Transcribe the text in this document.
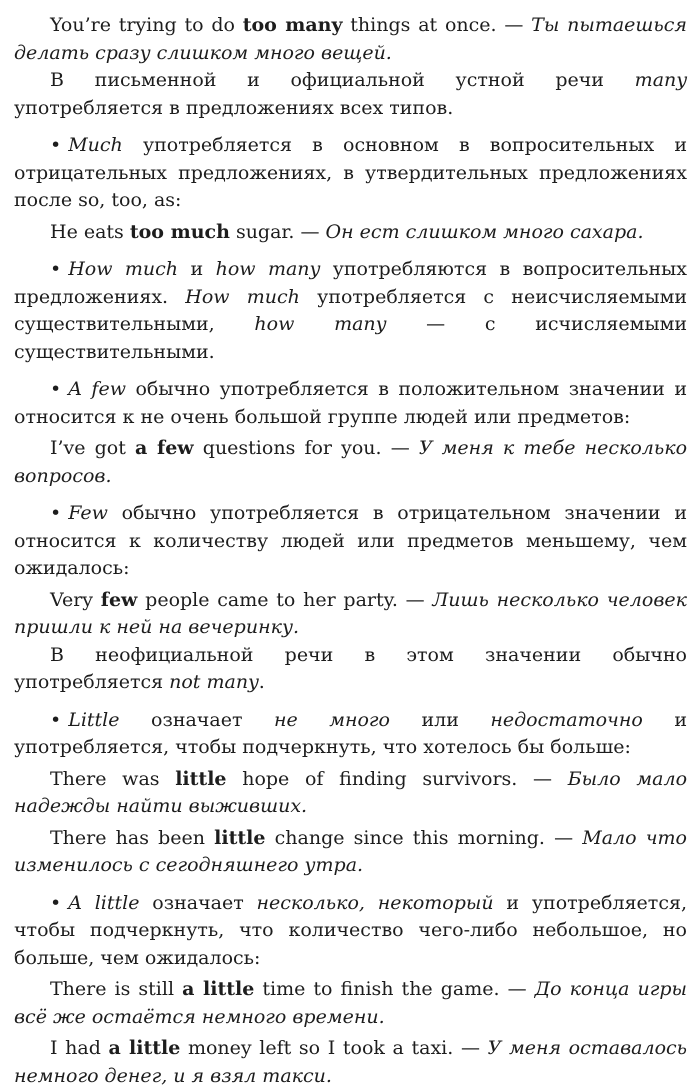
You’re trying to do too many things at once. — Ты пытаешься делать сразу слишком много вещей.

В письменной и официальной устной речи many употребляется в предложениях всех типов.

• Much употребляется в основном в вопросительных и отрицательных предложениях, в утвердительных предложениях после so, too, as:

He eats too much sugar. — Он ест слишком много сахара.

• How much и how many употребляются в вопросительных предложениях. How much употребляется с неисчисляемыми существительными, how many — с исчисляемыми существительными.

• A few обычно употребляется в положительном значении и относится к не очень большой группе людей или предметов:

I’ve got a few questions for you. — У меня к тебе несколько вопросов.

• Few обычно употребляется в отрицательном значении и относится к количеству людей или предметов меньшему, чем ожидалось:

Very few people came to her party. — Лишь несколько человек пришли к ней на вечеринку.

В неофициальной речи в этом значении обычно употребляется not many.

• Little означает не много или недостаточно и употребляется, чтобы подчеркнуть, что хотелось бы больше:

There was little hope of finding survivors. — Было мало надежды найти выживших.

There has been little change since this morning. — Мало что изменилось с сегодняшнего утра.

• A little означает несколько, некоторый и употребляется, чтобы подчеркнуть, что количество чего-либо небольшое, но больше, чем ожидалось:

There is still a little time to finish the game. — До конца игры всё же остаётся немного времени.

I had a little money left so I took a taxi. — У меня оставалось немного денег, и я взял такси.
